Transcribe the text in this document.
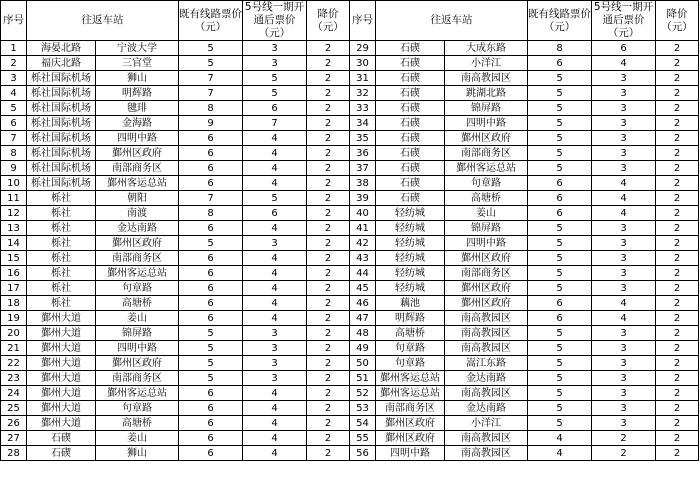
序号	往返车站		既有线路票价（元）	5号线一期开通后票价（元）	降价（元）	序号	往返车站		既有线路票价（元）	5号线一期开通后票价（元）	降价（元）
1	海晏北路	宁波大学	5	3	2	29	石碶	大成东路	8	6	2
2	福庆北路	三官堂	5	3	2	30	石碶	小洋江	6	4	2
3	栎社国际机场	狮山	7	5	2	31	石碶	南高教园区	5	3	2
4	栎社国际机场	明辉路	7	5	2	32	石碶	跳湖北路	5	3	2
5	栎社国际机场	毽琲	8	6	2	33	石碶	锦屏路	5	3	2
6	栎社国际机场	金海路	9	7	2	34	石碶	四明中路	5	3	2
7	栎社国际机场	四明中路	6	4	2	35	石碶	鄞州区政府	5	3	2
8	栎社国际机场	鄞州区政府	6	4	2	36	石碶	南部商务区	5	3	2
9	栎社国际机场	南部商务区	6	4	2	37	石碶	鄞州客运总站	5	3	2
10	栎社国际机场	鄞州客运总站	6	4	2	38	石碶	句章路	6	4	2
11	栎社	朝阳	7	5	2	39	石碶	高塘桥	6	4	2
12	栎社	南渡	8	6	2	40	轻纺城	姜山	6	4	2
13	栎社	金达南路	6	4	2	41	轻纺城	锦屏路	5	3	2
14	栎社	鄞州区政府	5	3	2	42	轻纺城	四明中路	5	3	2
15	栎社	南部商务区	6	4	2	43	轻纺城	鄞州区政府	5	3	2
16	栎社	鄞州客运总站	6	4	2	44	轻纺城	南部商务区	5	3	2
17	栎社	句章路	6	4	2	45	轻纺城	鄞州区政府	5	3	2
18	栎社	高塘桥	6	4	2	46	藕池	鄞州区政府	6	4	2
19	鄞州大道	姜山	6	4	2	47	明辉路	南高教园区	6	4	2
20	鄞州大道	锦屏路	5	3	2	48	高塘桥	南高教园区	5	3	2
21	鄞州大道	四明中路	5	3	2	49	句章路	南高教园区	5	3	2
22	鄞州大道	鄞州区政府	5	3	2	50	句章路	嵩江东路	5	3	2
23	鄞州大道	南部商务区	5	3	2	51	鄞州客运总站	金达南路	5	3	2
24	鄞州大道	鄞州客运总站	6	4	2	52	鄞州客运总站	南高教园区	5	3	2
25	鄞州大道	句章路	6	4	2	53	南部商务区	金达南路	5	3	2
26	鄞州大道	高塘桥	6	4	2	54	鄞州区政府	小洋江	5	3	2
27	石碶	姜山	6	4	2	55	鄞州区政府	南高教园区	4	2	2
28	石碶	狮山	6	4	2	56	四明中路	南高教园区	4	2	2
